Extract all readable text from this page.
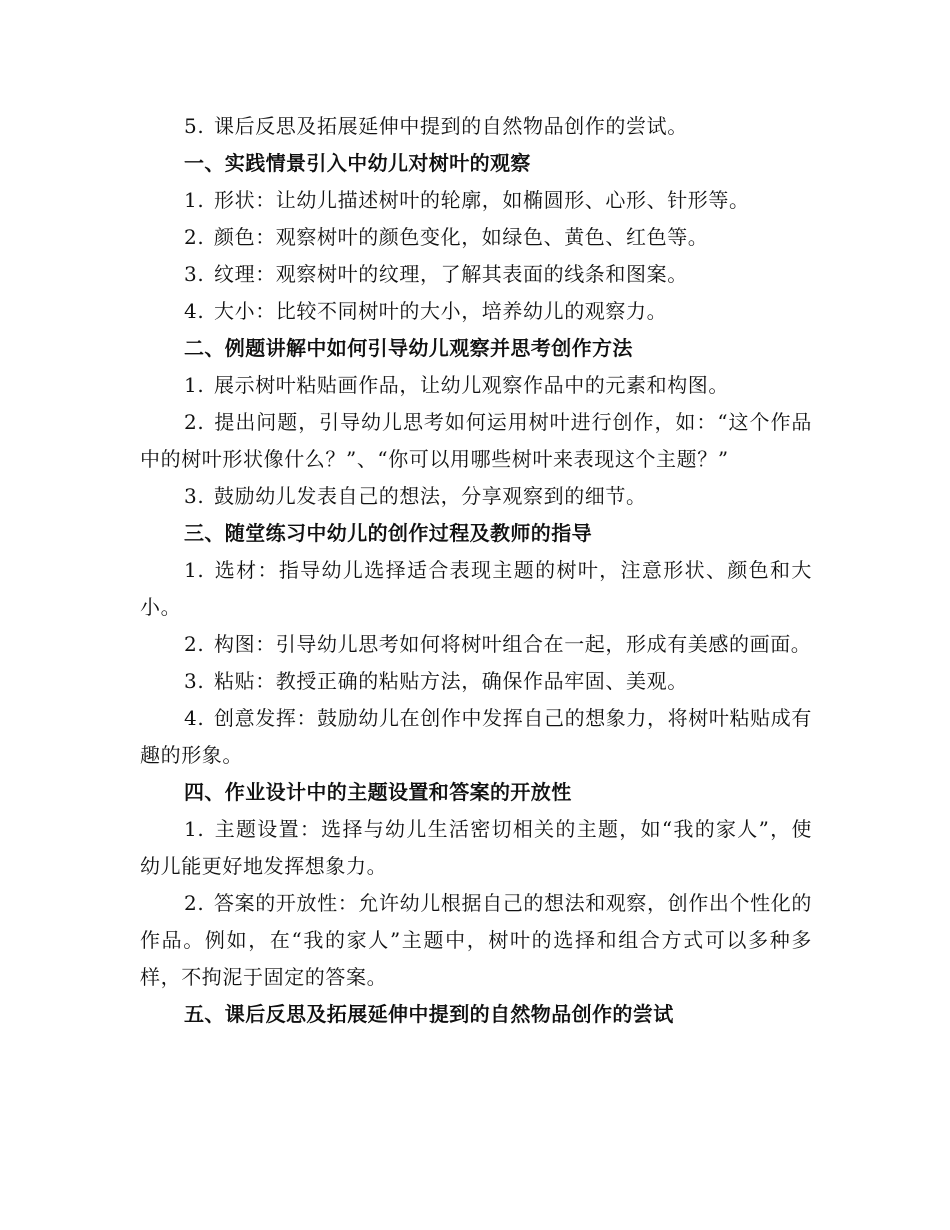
5. 课后反思及拓展延伸中提到的自然物品创作的尝试。

一、实践情景引入中幼儿对树叶的观察

1. 形状：让幼儿描述树叶的轮廓，如椭圆形、心形、针形等。

2. 颜色：观察树叶的颜色变化，如绿色、黄色、红色等。

3. 纹理：观察树叶的纹理，了解其表面的线条和图案。

4. 大小：比较不同树叶的大小，培养幼儿的观察力。

二、例题讲解中如何引导幼儿观察并思考创作方法

1. 展示树叶粘贴画作品，让幼儿观察作品中的元素和构图。

2. 提出问题，引导幼儿思考如何运用树叶进行创作，如：“这个作品中的树叶形状像什么？”、“你可以用哪些树叶来表现这个主题？”

3. 鼓励幼儿发表自己的想法，分享观察到的细节。

三、随堂练习中幼儿的创作过程及教师的指导

1. 选材：指导幼儿选择适合表现主题的树叶，注意形状、颜色和大小。

2. 构图：引导幼儿思考如何将树叶组合在一起，形成有美感的画面。

3. 粘贴：教授正确的粘贴方法，确保作品牢固、美观。

4. 创意发挥：鼓励幼儿在创作中发挥自己的想象力，将树叶粘贴成有趣的形象。

四、作业设计中的主题设置和答案的开放性

1. 主题设置：选择与幼儿生活密切相关的主题，如“我的家人”，使幼儿能更好地发挥想象力。

2. 答案的开放性：允许幼儿根据自己的想法和观察，创作出个性化的作品。例如，在“我的家人”主题中，树叶的选择和组合方式可以多种多样，不拘泥于固定的答案。

五、课后反思及拓展延伸中提到的自然物品创作的尝试
